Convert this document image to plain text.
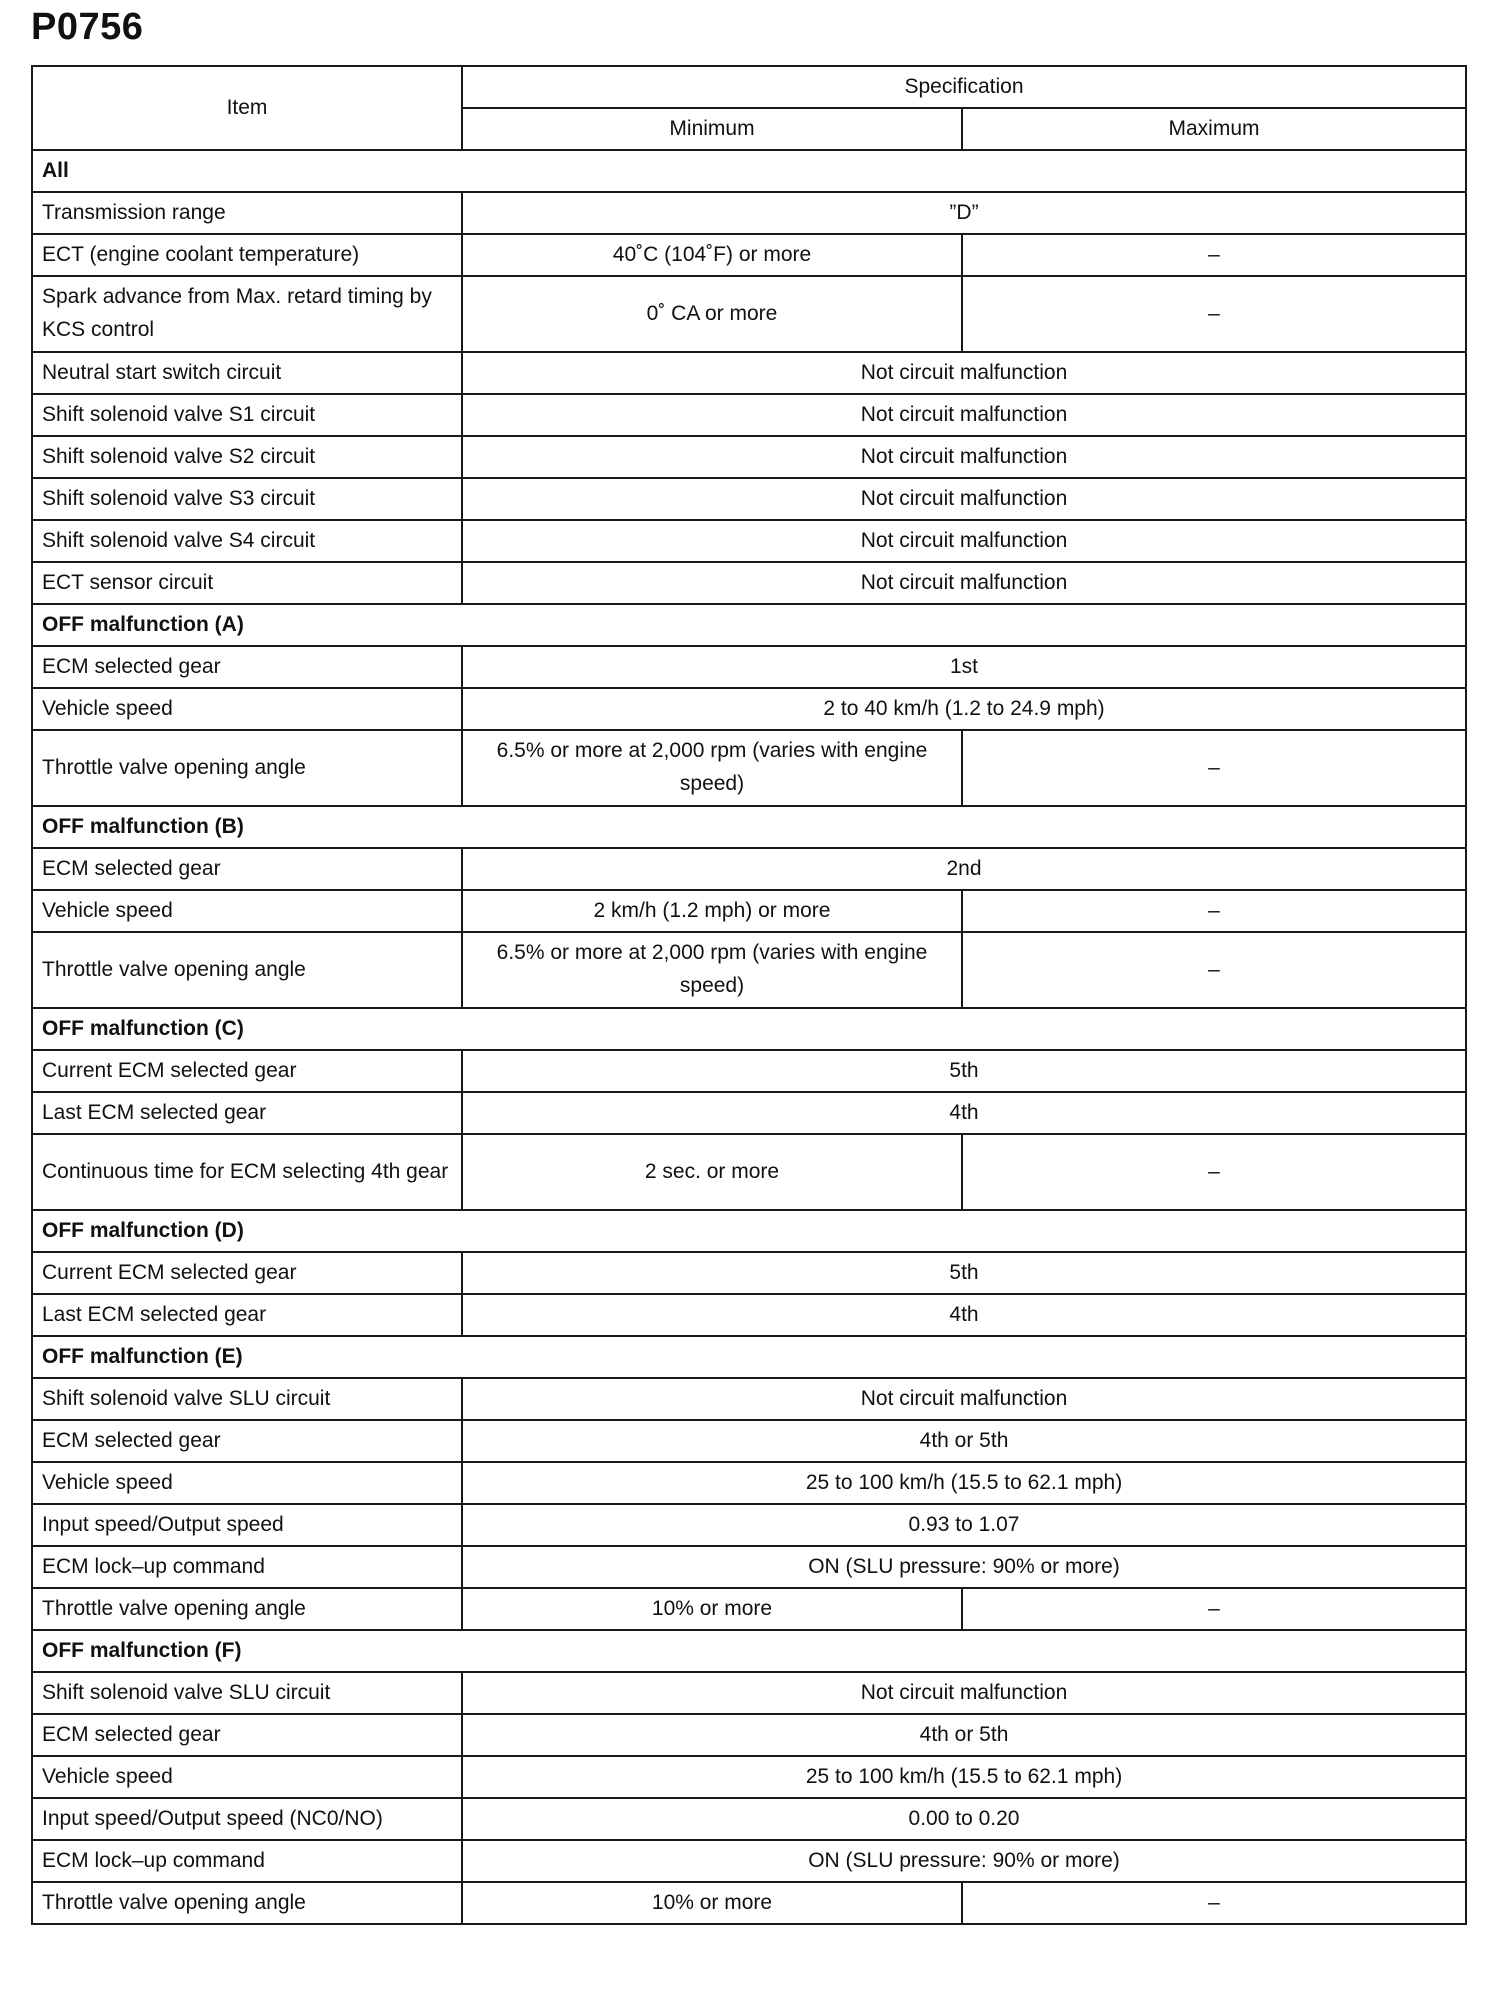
P0756
Item	Specification	
	Minimum	Maximum
All		
Transmission range	”D”	
ECT (engine coolant temperature)	40˚C (104˚F) or more	–
Spark advance from Max. retard timing by KCS control	0˚ CA or more	–
Neutral start switch circuit	Not circuit malfunction	
Shift solenoid valve S1 circuit	Not circuit malfunction	
Shift solenoid valve S2 circuit	Not circuit malfunction	
Shift solenoid valve S3 circuit	Not circuit malfunction	
Shift solenoid valve S4 circuit	Not circuit malfunction	
ECT sensor circuit	Not circuit malfunction	
OFF malfunction (A)		
ECM selected gear	1st	
Vehicle speed	2 to 40 km/h (1.2 to 24.9 mph)	
Throttle valve opening angle	6.5% or more at 2,000 rpm (varies with engine speed)	–
OFF malfunction (B)		
ECM selected gear	2nd	
Vehicle speed	2 km/h (1.2 mph) or more	–
Throttle valve opening angle	6.5% or more at 2,000 rpm (varies with engine speed)	–
OFF malfunction (C)		
Current ECM selected gear	5th	
Last ECM selected gear	4th	
Continuous time for ECM selecting 4th gear	2 sec. or more	–
OFF malfunction (D)		
Current ECM selected gear	5th	
Last ECM selected gear	4th	
OFF malfunction (E)		
Shift solenoid valve SLU circuit	Not circuit malfunction	
ECM selected gear	4th or 5th	
Vehicle speed	25 to 100 km/h (15.5 to 62.1 mph)	
Input speed/Output speed	0.93 to 1.07	
ECM lock–up command	ON (SLU pressure: 90% or more)	
Throttle valve opening angle	10% or more	–
OFF malfunction (F)		
Shift solenoid valve SLU circuit	Not circuit malfunction	
ECM selected gear	4th or 5th	
Vehicle speed	25 to 100 km/h (15.5 to 62.1 mph)	
Input speed/Output speed (NC0/NO)	0.00 to 0.20	
ECM lock–up command	ON (SLU pressure: 90% or more)	
Throttle valve opening angle	10% or more	–
